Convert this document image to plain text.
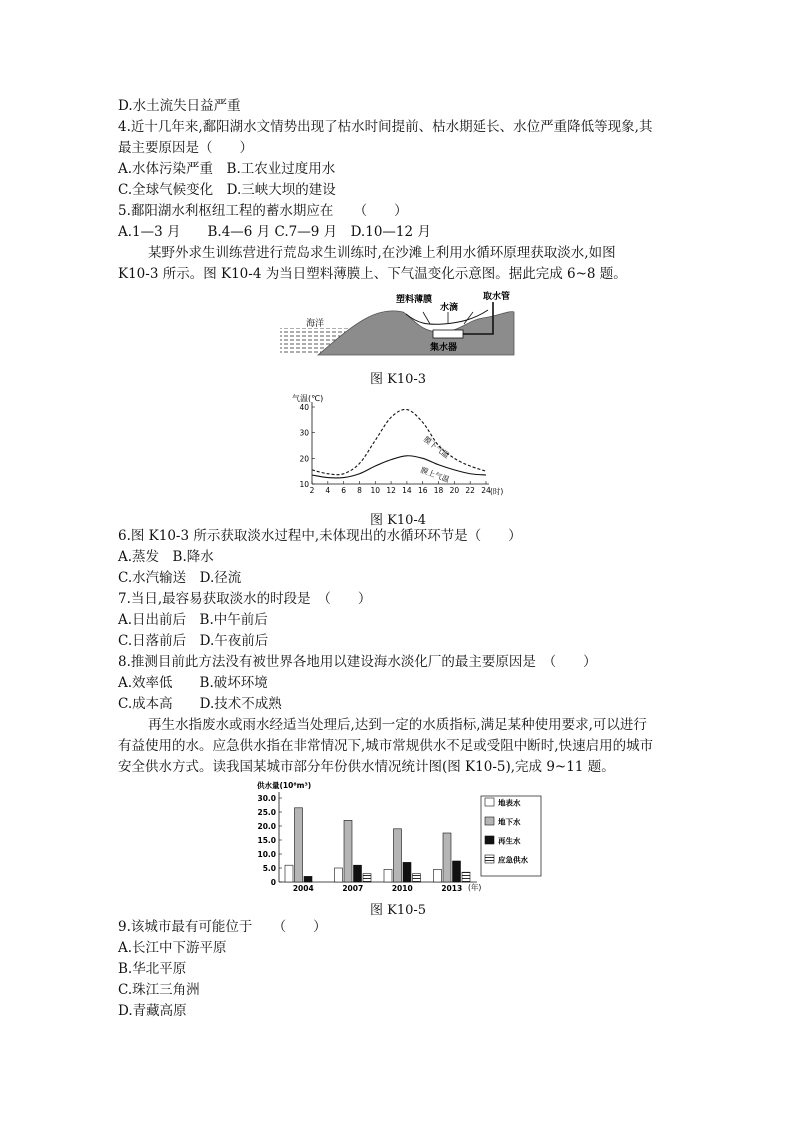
D.水土流失日益严重
4.近十几年来,鄱阳湖水文情势出现了枯水时间提前、枯水期延长、水位严重降低等现象,其
最主要原因是（　　）
A.水体污染严重　B.工农业过度用水
C.全球气候变化　D.三峡大坝的建设
5.鄱阳湖水利枢纽工程的蓄水期应在　　（　　）
A.1—3 月　　B.4—6 月 C.7—9 月　D.10—12 月
某野外求生训练营进行荒岛求生训练时,在沙滩上利用水循环原理获取淡水,如图
K10-3 所示。图 K10-4 为当日塑料薄膜上、下气温变化示意图。据此完成 6~8 题。
海洋
塑料薄膜
水滴
取水管
集水器
图 K10-3
气温(℃)
(时)
膜下气温
膜上气温
10
20
30
40
2 4 6 8 10 12 14 16 18 20 22 24
图 K10-4
6.图 K10-3 所示获取淡水过程中,未体现出的水循环环节是（　　）
A.蒸发　B.降水
C.水汽输送　D.径流
7.当日,最容易获取淡水的时段是　（　　）
A.日出前后　B.中午前后
C.日落前后　D.午夜前后
8.推测目前此方法没有被世界各地用以建设海水淡化厂的最主要原因是　（　　）
A.效率低　　B.破坏环境
C.成本高　　D.技术不成熟
再生水指废水或雨水经适当处理后,达到一定的水质指标,满足某种使用要求,可以进行
有益使用的水。应急供水指在非常情况下,城市常规供水不足或受阻中断时,快速启用的城市
安全供水方式。读我国某城市部分年份供水情况统计图(图 K10-5),完成 9~11 题。
供水量(10⁸m³)
(年)
0
5.0
10.0
15.0
20.0
25.0
30.0
2004	2007	2010	2013
地表水
地下水
再生水
应急供水
图 K10-5
9.该城市最有可能位于　　（　　）
A.长江中下游平原
B.华北平原
C.珠江三角洲
D.青藏高原
